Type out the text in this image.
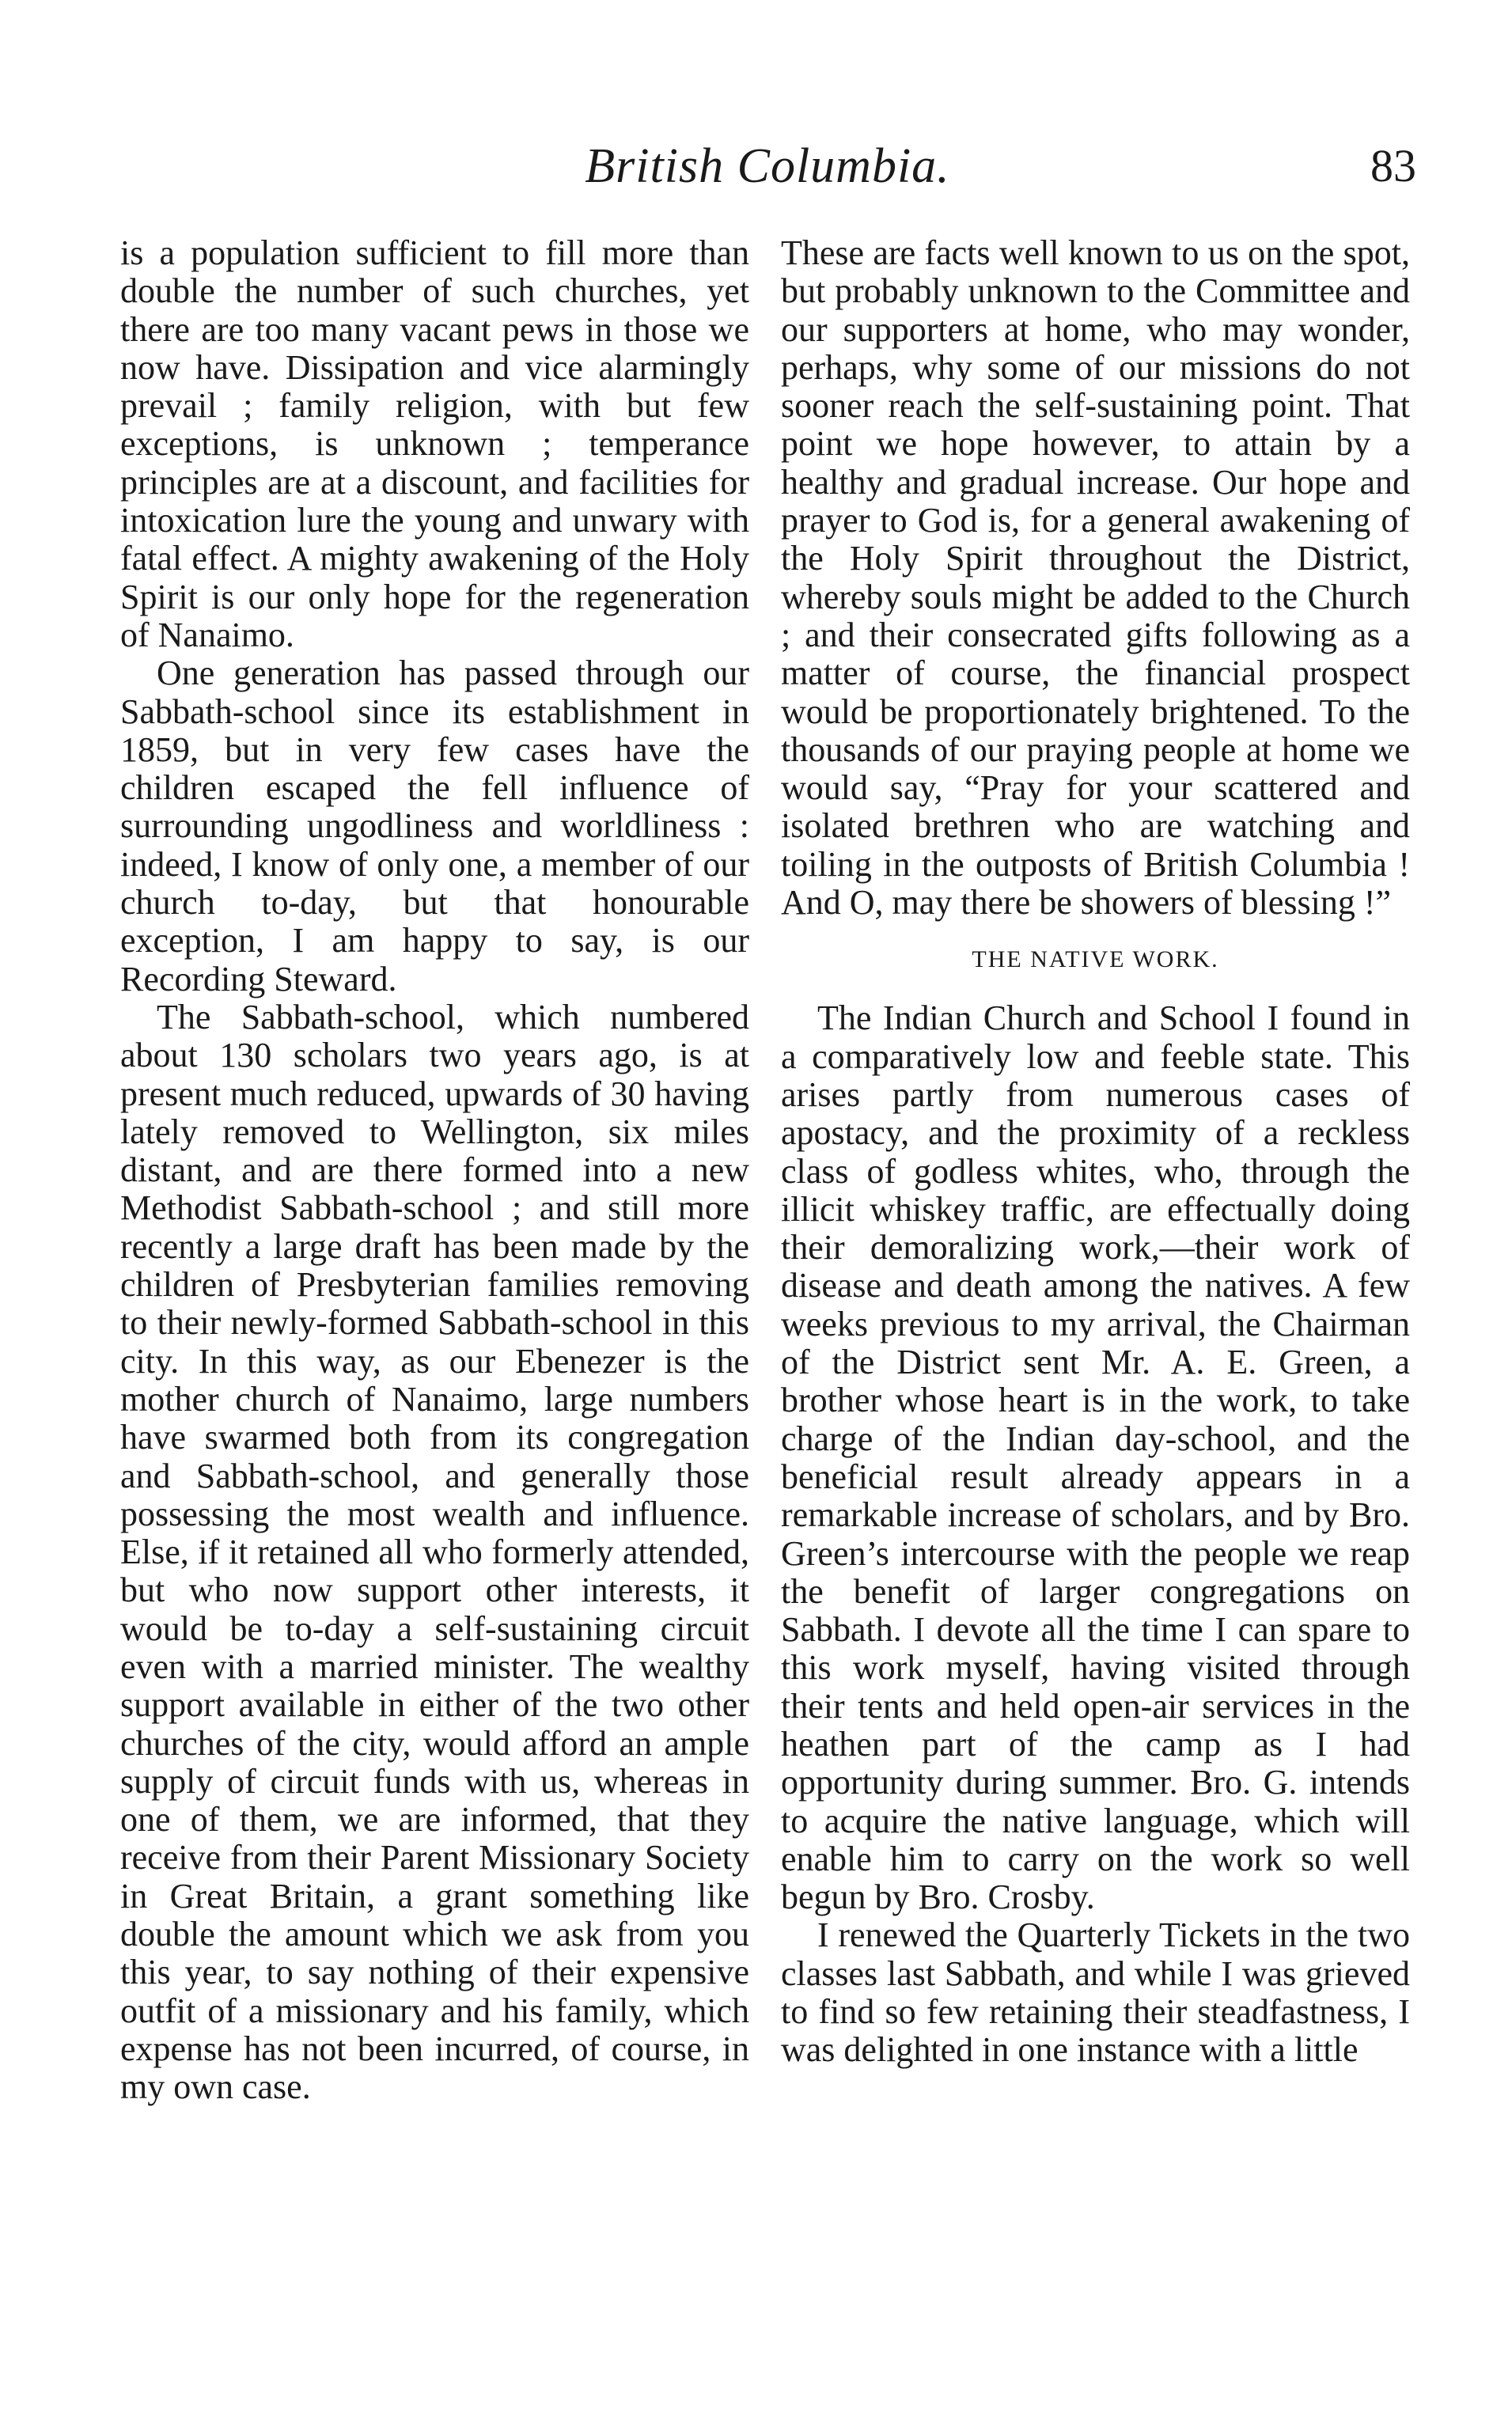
British Columbia.	83

is a population sufficient to fill more than double the number of such churches, yet there are too many vacant pews in those we now have. Dissipation and vice alarmingly prevail ; family religion, with but few exceptions, is unknown ; temperance principles are at a discount, and facilities for intoxication lure the young and unwary with fatal effect. A mighty awakening of the Holy Spirit is our only hope for the regeneration of Nanaimo.

One generation has passed through our Sabbath-school since its establishment in 1859, but in very few cases have the children escaped the fell influence of surrounding ungodliness and worldliness : indeed, I know of only one, a member of our church to-day, but that honourable exception, I am happy to say, is our Recording Steward.

The Sabbath-school, which numbered about 130 scholars two years ago, is at present much reduced, upwards of 30 having lately removed to Wellington, six miles distant, and are there formed into a new Methodist Sabbath-school ; and still more recently a large draft has been made by the children of Presbyterian families removing to their newly-formed Sabbath-school in this city. In this way, as our Ebenezer is the mother church of Nanaimo, large numbers have swarmed both from its congregation and Sabbath-school, and generally those possessing the most wealth and influence. Else, if it retained all who formerly attended, but who now support other interests, it would be to-day a self-sustaining circuit even with a married minister. The wealthy support available in either of the two other churches of the city, would afford an ample supply of circuit funds with us, whereas in one of them, we are informed, that they receive from their Parent Missionary Society in Great Britain, a grant something like double the amount which we ask from you this year, to say nothing of their expensive outfit of a missionary and his family, which expense has not been incurred, of course, in my own case.

These are facts well known to us on the spot, but probably unknown to the Committee and our supporters at home, who may wonder, perhaps, why some of our missions do not sooner reach the self-sustaining point. That point we hope however, to attain by a healthy and gradual increase. Our hope and prayer to God is, for a general awakening of the Holy Spirit throughout the District, whereby souls might be added to the Church ; and their consecrated gifts following as a matter of course, the financial prospect would be proportionately brightened. To the thousands of our praying people at home we would say, “Pray for your scattered and isolated brethren who are watching and toiling in the outposts of British Columbia ! And O, may there be showers of blessing !”

THE NATIVE WORK.

The Indian Church and School I found in a comparatively low and feeble state. This arises partly from numerous cases of apostacy, and the proximity of a reckless class of godless whites, who, through the illicit whiskey traffic, are effectually doing their demoralizing work,—their work of disease and death among the natives. A few weeks previous to my arrival, the Chairman of the District sent Mr. A. E. Green, a brother whose heart is in the work, to take charge of the Indian day-school, and the beneficial result already appears in a remarkable increase of scholars, and by Bro. Green’s intercourse with the people we reap the benefit of larger congregations on Sabbath. I devote all the time I can spare to this work myself, having visited through their tents and held open-air services in the heathen part of the camp as I had opportunity during summer. Bro. G. intends to acquire the native language, which will enable him to carry on the work so well begun by Bro. Crosby.

I renewed the Quarterly Tickets in the two classes last Sabbath, and while I was grieved to find so few retaining their steadfastness, I was delighted in one instance with a little
